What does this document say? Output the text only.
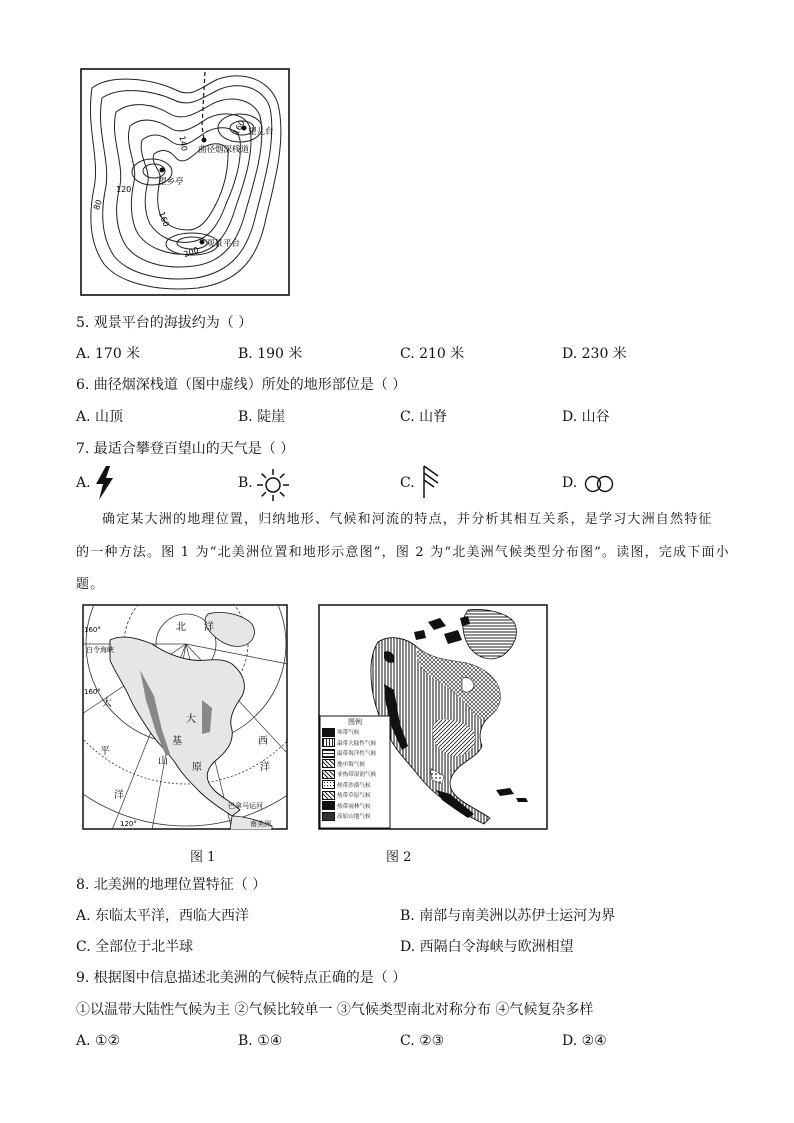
望儿台
曲径烟深栈道
望乡亭
观景平台
160
140
120
80
160
200
5. 观景平台的海拔约为（ ）
A. 170 米	B. 190 米	C. 210 米	D. 230 米
6. 曲径烟深栈道（图中虚线）所处的地形部位是（ ）
A. 山顶	B. 陡崖	C. 山脊	D. 山谷
7. 最适合攀登百望山的天气是（ ）
A.	B.	C.	D.
确定某大洲的地理位置，归纳地形、气候和河流的特点，并分析其相互关系，是学习大洲自然特征
的一种方法。图 1 为“北美洲位置和地形示意图”，图 2 为“北美洲气候类型分布图”。读图，完成下面小
题。
北 洋
太
平
洋
大
西
洋
基
山
原
白令海峡
巴拿马运河
南美洲
120°
160°
160°
图 1
图例
寒带气候
温带大陆性气候
温带海洋性气候
地中海气候
亚热带湿润气候
热带沙漠气候
热带草原气候
热带雨林气候
高原山地气候
图 2
8. 北美洲的地理位置特征（ ）
A. 东临太平洋，西临大西洋	B. 南部与南美洲以苏伊士运河为界
C. 全部位于北半球	D. 西隔白令海峡与欧洲相望
9. 根据图中信息描述北美洲的气候特点正确的是（ ）
①以温带大陆性气候为主 ②气候比较单一 ③气候类型南北对称分布 ④气候复杂多样
A. ①②	B. ①④	C. ②③	D. ②④
